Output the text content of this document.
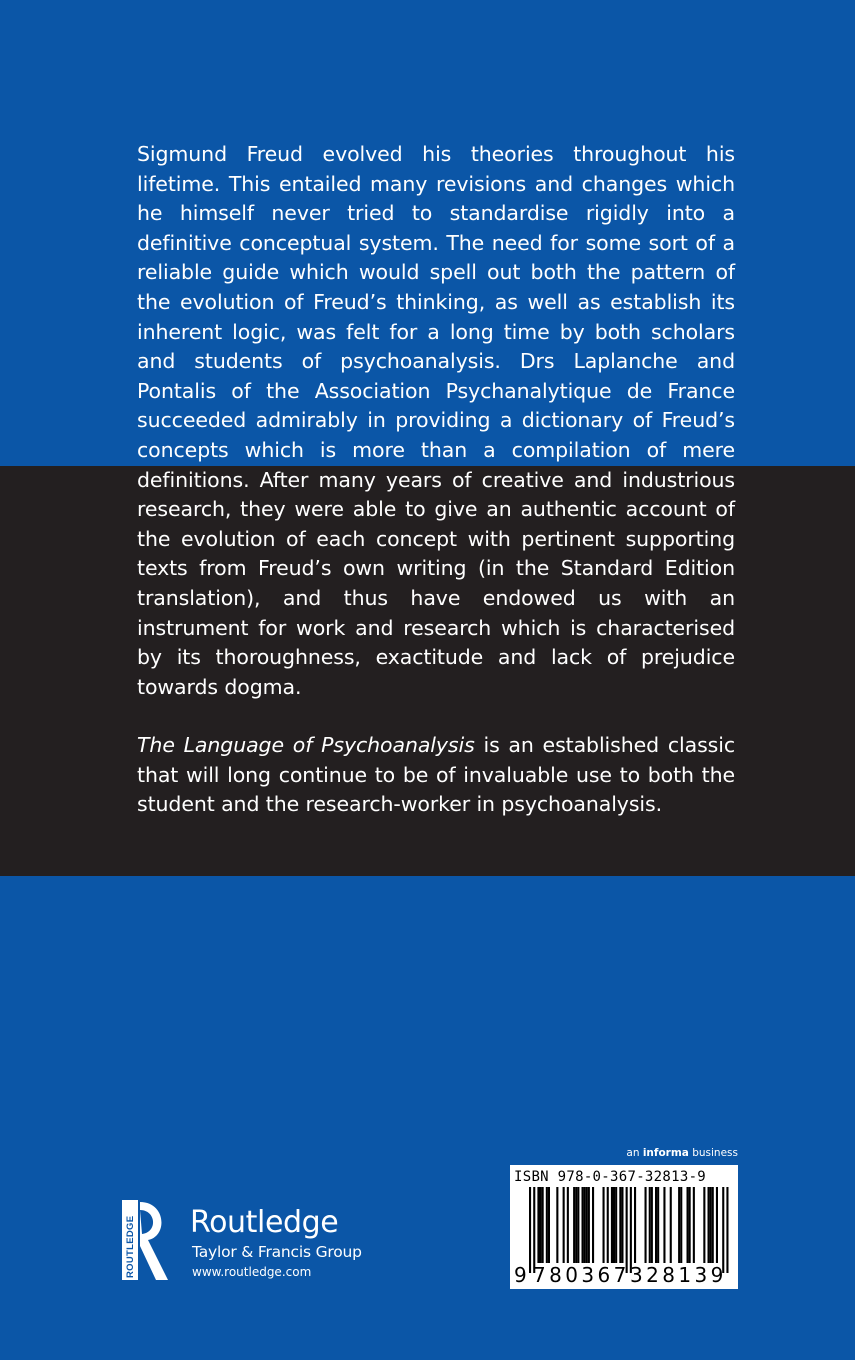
Sigmund Freud evolved his theories throughout his lifetime. This entailed many revisions and changes which he himself never tried to standardise rigidly into a definitive conceptual system. The need for some sort of a reliable guide which would spell out both the pattern of the evolution of Freud’s thinking, as well as establish its inherent logic, was felt for a long time by both scholars and students of psychoanalysis. Drs Laplanche and Pontalis of the Association Psychanalytique de France succeeded admirably in providing a dictionary of Freud’s concepts which is more than a compilation of mere definitions. After many years of creative and industrious research, they were able to give an authentic account of the evolution of each concept with pertinent supporting texts from Freud’s own writing (in the Standard Edition translation), and thus have endowed us with an instrument for work and research which is characterised by its thoroughness, exactitude and lack of prejudice towards dogma.

The Language of Psychoanalysis is an established classic that will long continue to be of invaluable use to both the student and the research-worker in psychoanalysis.

ROUTLEDGE Routledge
Taylor & Francis Group
www.routledge.com
an informa business
ISBN 978-0-367-32813-9
9 780367 328139
